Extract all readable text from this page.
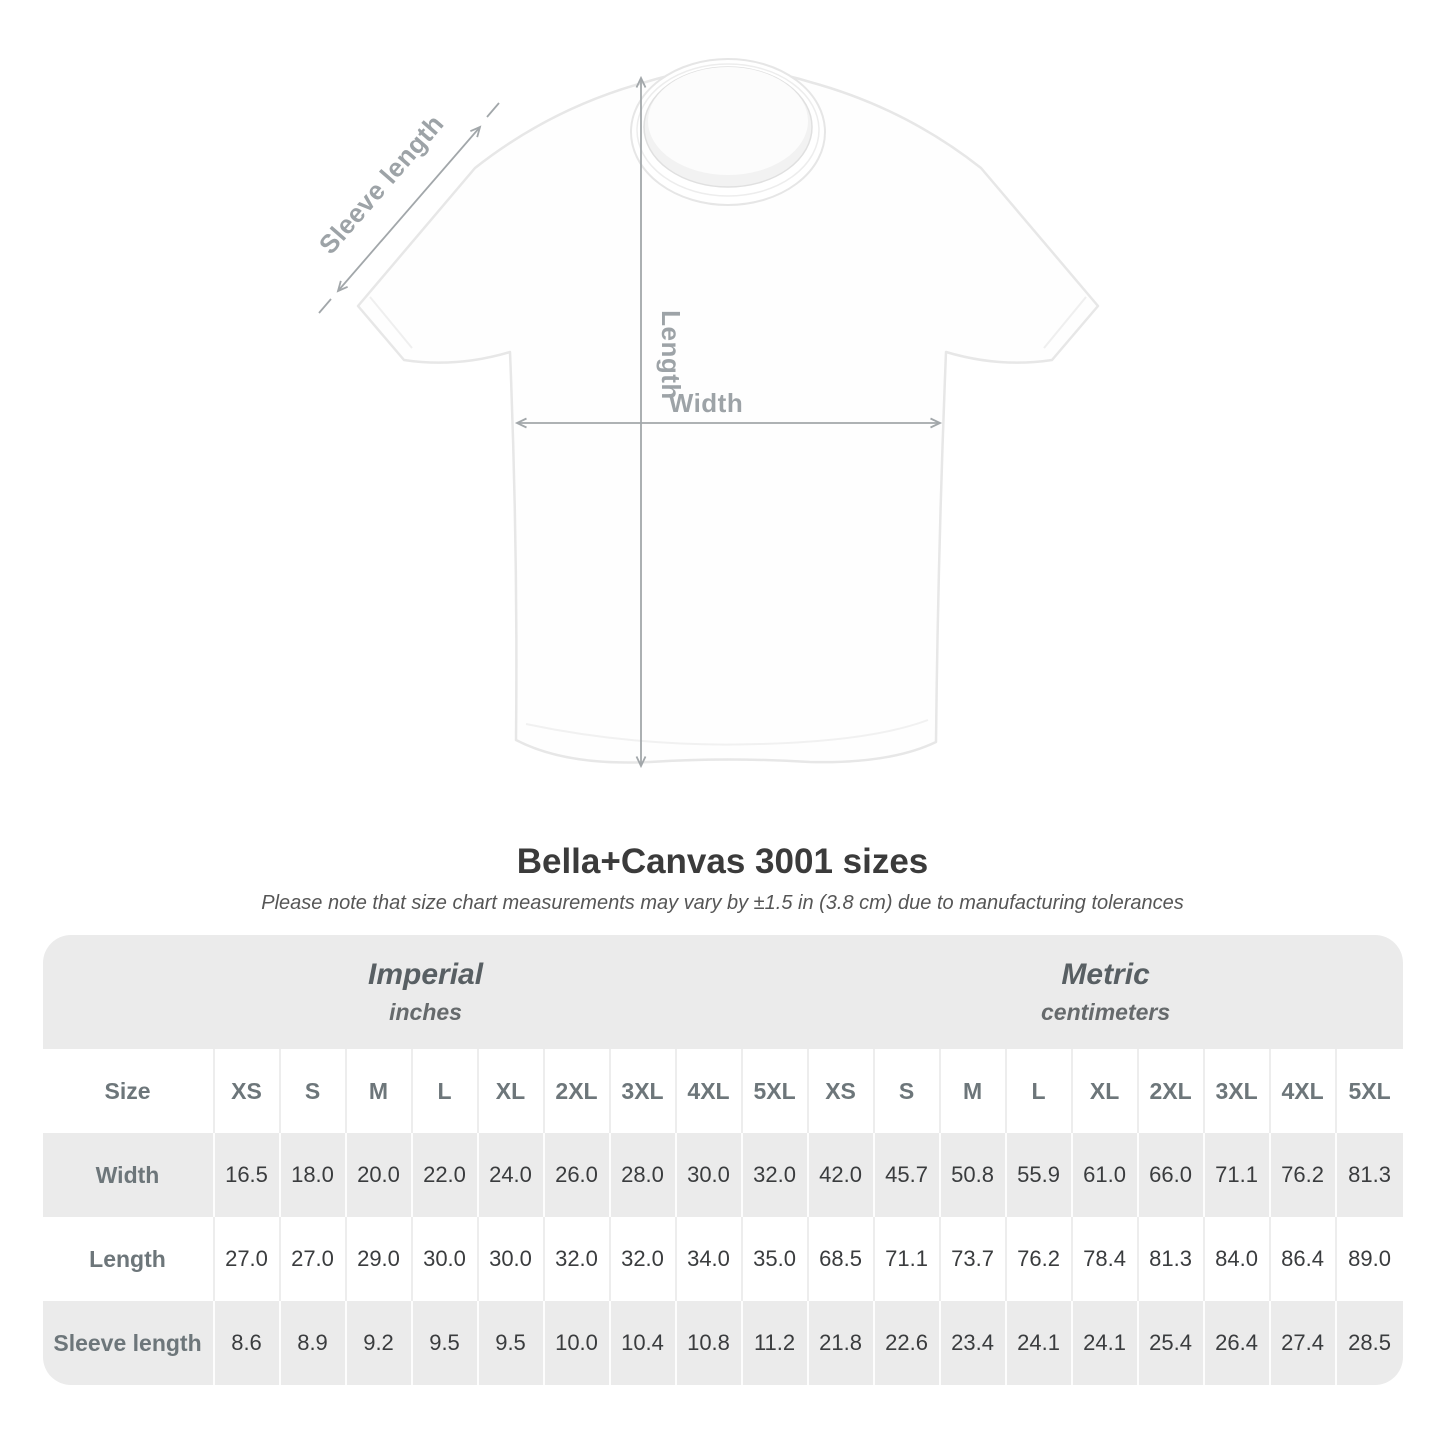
Length
Width
Sleeve length
Bella+Canvas 3001 sizes

Please note that size chart measurements may vary by ±1.5 in (3.8 cm) due to manufacturing tolerances

Imperial
inches

Metric
centimeters

Size	XS	S	M	L	XL	2XL	3XL	4XL	5XL	XS	S	M	L	XL	2XL	3XL	4XL	5XL
Width	16.5	18.0	20.0	22.0	24.0	26.0	28.0	30.0	32.0	42.0	45.7	50.8	55.9	61.0	66.0	71.1	76.2	81.3
Length	27.0	27.0	29.0	30.0	30.0	32.0	32.0	34.0	35.0	68.5	71.1	73.7	76.2	78.4	81.3	84.0	86.4	89.0
Sleeve length	8.6	8.9	9.2	9.5	9.5	10.0	10.4	10.8	11.2	21.8	22.6	23.4	24.1	24.1	25.4	26.4	27.4	28.5
